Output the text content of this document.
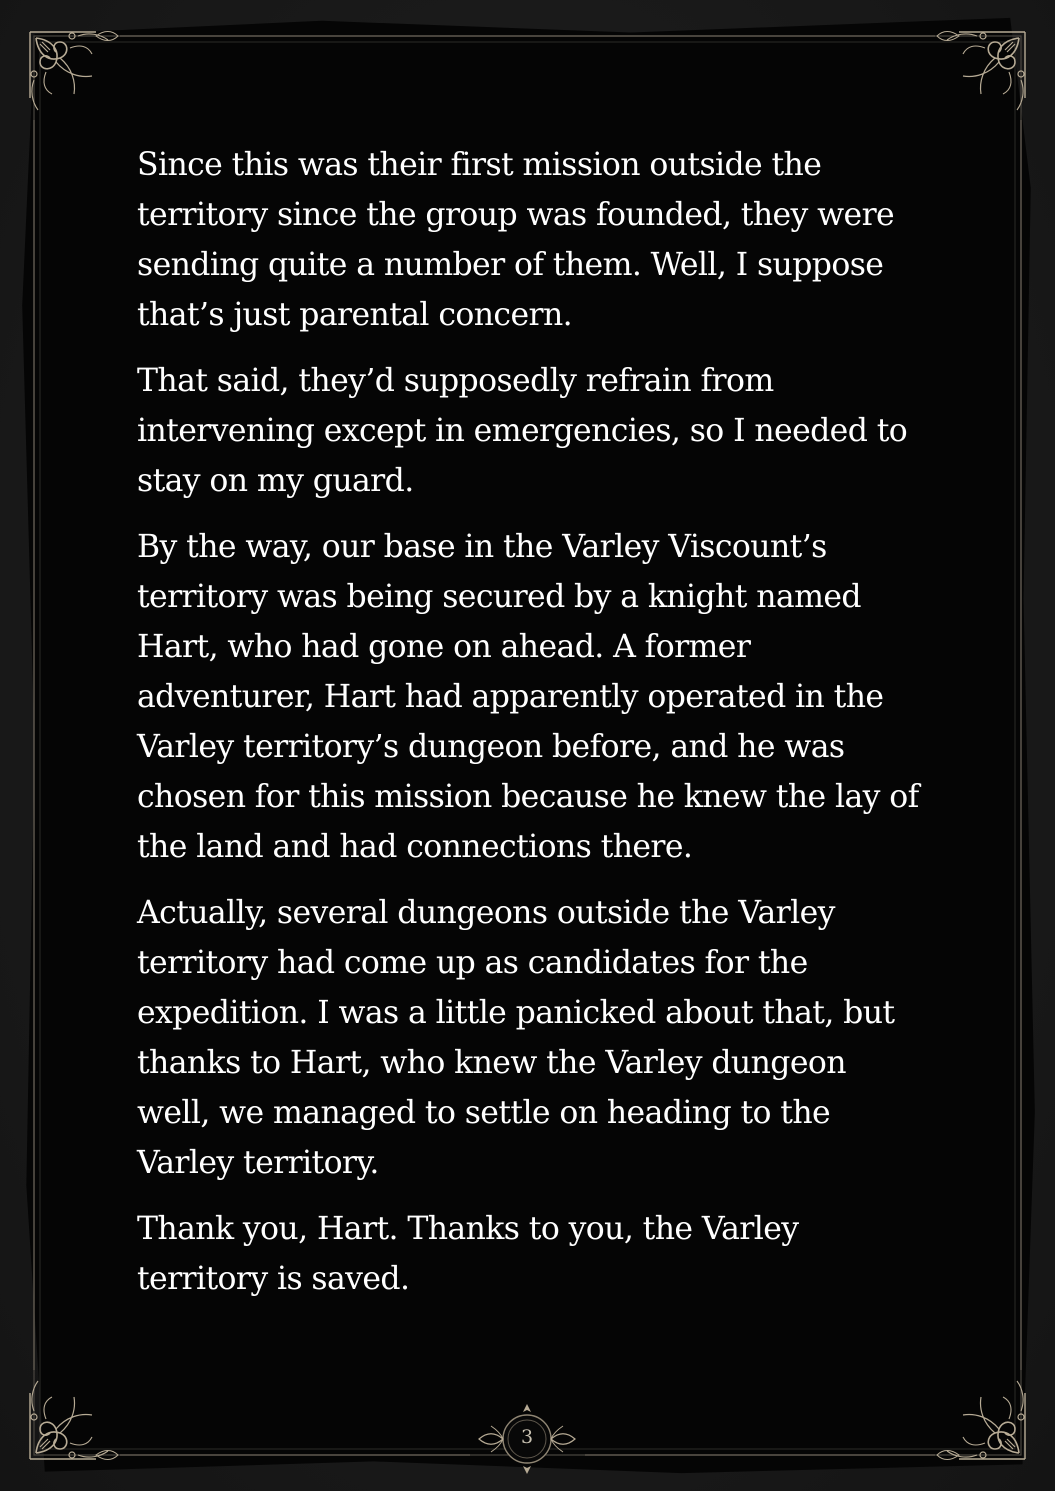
Since this was their first mission outside the territory since the group was founded, they were sending quite a number of them. Well, I suppose that’s just parental concern.

That said, they’d supposedly refrain from intervening except in emergencies, so I needed to stay on my guard.

By the way, our base in the Varley Viscount’s territory was being secured by a knight named Hart, who had gone on ahead. A former adventurer, Hart had apparently operated in the Varley territory’s dungeon before, and he was chosen for this mission because he knew the lay of the land and had connections there.

Actually, several dungeons outside the Varley territory had come up as candidates for the expedition. I was a little panicked about that, but thanks to Hart, who knew the Varley dungeon well, we managed to settle on heading to the Varley territory.

Thank you, Hart. Thanks to you, the Varley territory is saved.

3
